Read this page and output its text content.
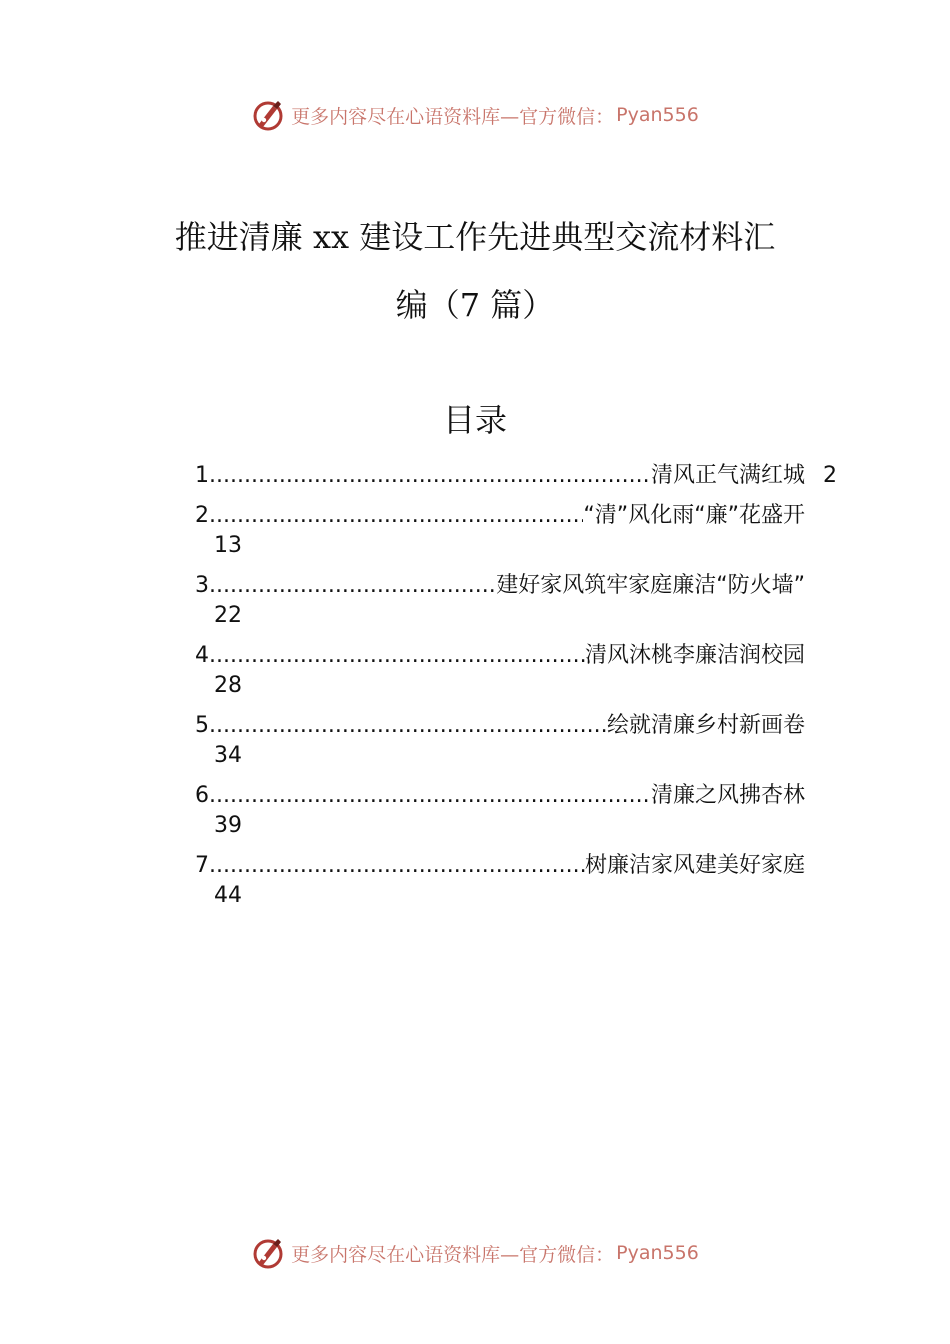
更多内容尽在心语资料库—官方微信： Pyan556
推进清廉 xx 建设工作先进典型交流材料汇
编（7 篇）
目录
1 .....	清风正气满红城 2
2 .....	“清”风化雨“廉”花盛开
13
3 .....	建好家风筑牢家庭廉洁“防火墙”
22
4 .....	清风沐桃李廉洁润校园
28
5 .....	绘就清廉乡村新画卷
34
6 .....	清廉之风拂杏林
39
7 .....	树廉洁家风建美好家庭
44
更多内容尽在心语资料库—官方微信： Pyan556
